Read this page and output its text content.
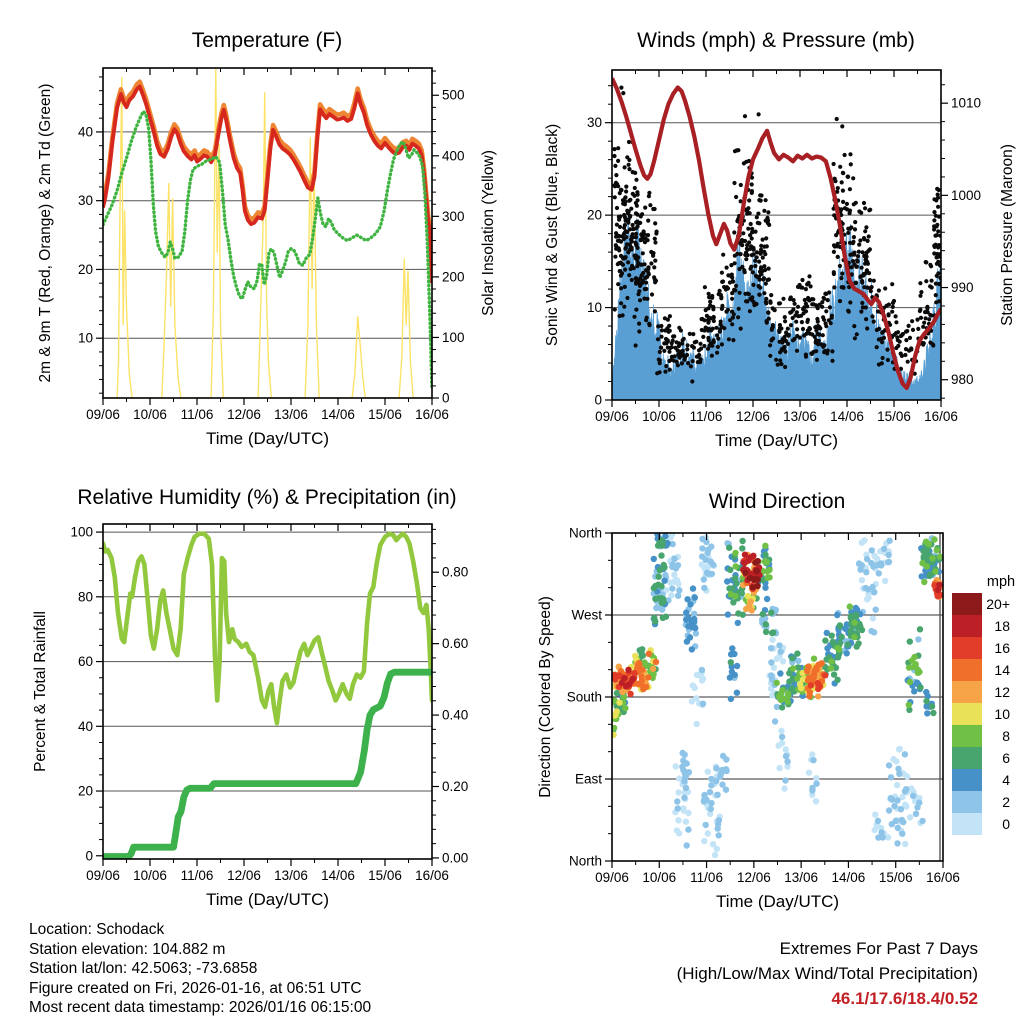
09/06 10/06 11/06 12/06 13/06 14/06 15/06 16/06
Time (Day/UTC)
10
20
30
40
2m & 9m T (Red, Orange) & 2m Td (Green)
0
100
200
300
400
500
Solar Insolation (Yellow)
Temperature (F)
09/06 10/06 11/06 12/06 13/06 14/06 15/06 16/06
Time (Day/UTC)
0
10
20
30
Sonic Wind & Gust (Blue, Black)
980
990
1000
1010
Station Pressure (Maroon)
Winds (mph) & Pressure (mb)
09/06 10/06 11/06 12/06 13/06 14/06 15/06 16/06
Time (Day/UTC)
0
20
40
60
80
100
Percent & Total Rainfall
0.00
0.20
0.40
0.60
0.80
Relative Humidity (%) & Precipitation (in)
09/06 10/06 11/06 12/06 13/06 14/06 15/06 16/06
Time (Day/UTC)
North
East
South
West
North
Direction (Colored By Speed)
Wind Direction
mph
20+
18
16
14
12
10
8
6
4
2
0
Location: Schodack
Station elevation: 104.882 m
Station lat/lon: 42.5063; -73.6858
Figure created on Fri, 2026-01-16, at 06:51 UTC
Most recent data timestamp: 2026/01/16 06:15:00
Extremes For Past 7 Days
(High/Low/Max Wind/Total Precipitation)
46.1/17.6/18.4/0.52
